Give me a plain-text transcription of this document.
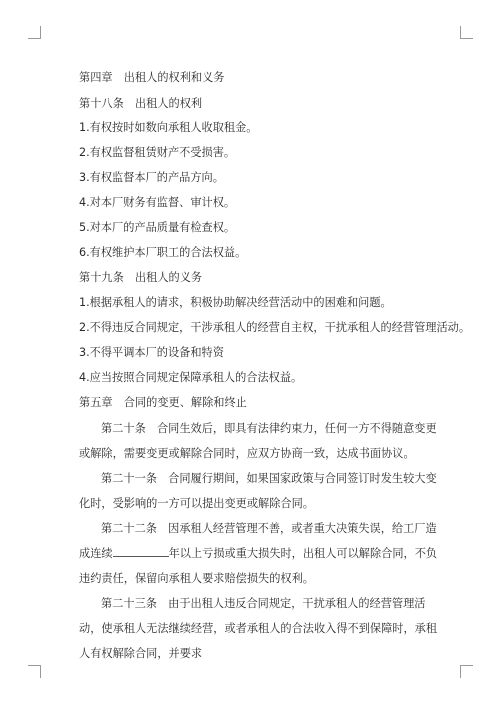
第四章　出租人的权利和义务
第十八条　出租人的权利
1.有权按时如数向承租人收取租金。
2.有权监督租赁财产不受损害。
3.有权监督本厂的产品方向。
4.对本厂财务有监督、审计权。
5.对本厂的产品质量有检查权。
6.有权维护本厂职工的合法权益。
第十九条　出租人的义务
1.根据承租人的请求，积极协助解决经营活动中的困难和问题。
2.不得违反合同规定，干涉承租人的经营自主权，干扰承租人的经营管理活动。
3.不得平调本厂的设备和特资
4.应当按照合同规定保障承租人的合法权益。
第五章　合同的变更、解除和终止
第二十条　合同生效后，即具有法律约束力，任何一方不得随意变更或解除，需要变更或解除合同时，应双方协商一致，达成书面协议。
第二十一条　合同履行期间，如果国家政策与合同签订时发生较大变化时，受影响的一方可以提出变更或解除合同。
第二十二条　因承租人经营管理不善，或者重大决策失误，给工厂造成连续	年以上亏损或重大损失时，出租人可以解除合同，不负违约责任，保留向承租人要求赔偿损失的权利。
第二十三条　由于出租人违反合同规定，干扰承租人的经营管理活动，使承租人无法继续经营，或者承租人的合法收入得不到保障时，承租人有权解除合同，并要求
